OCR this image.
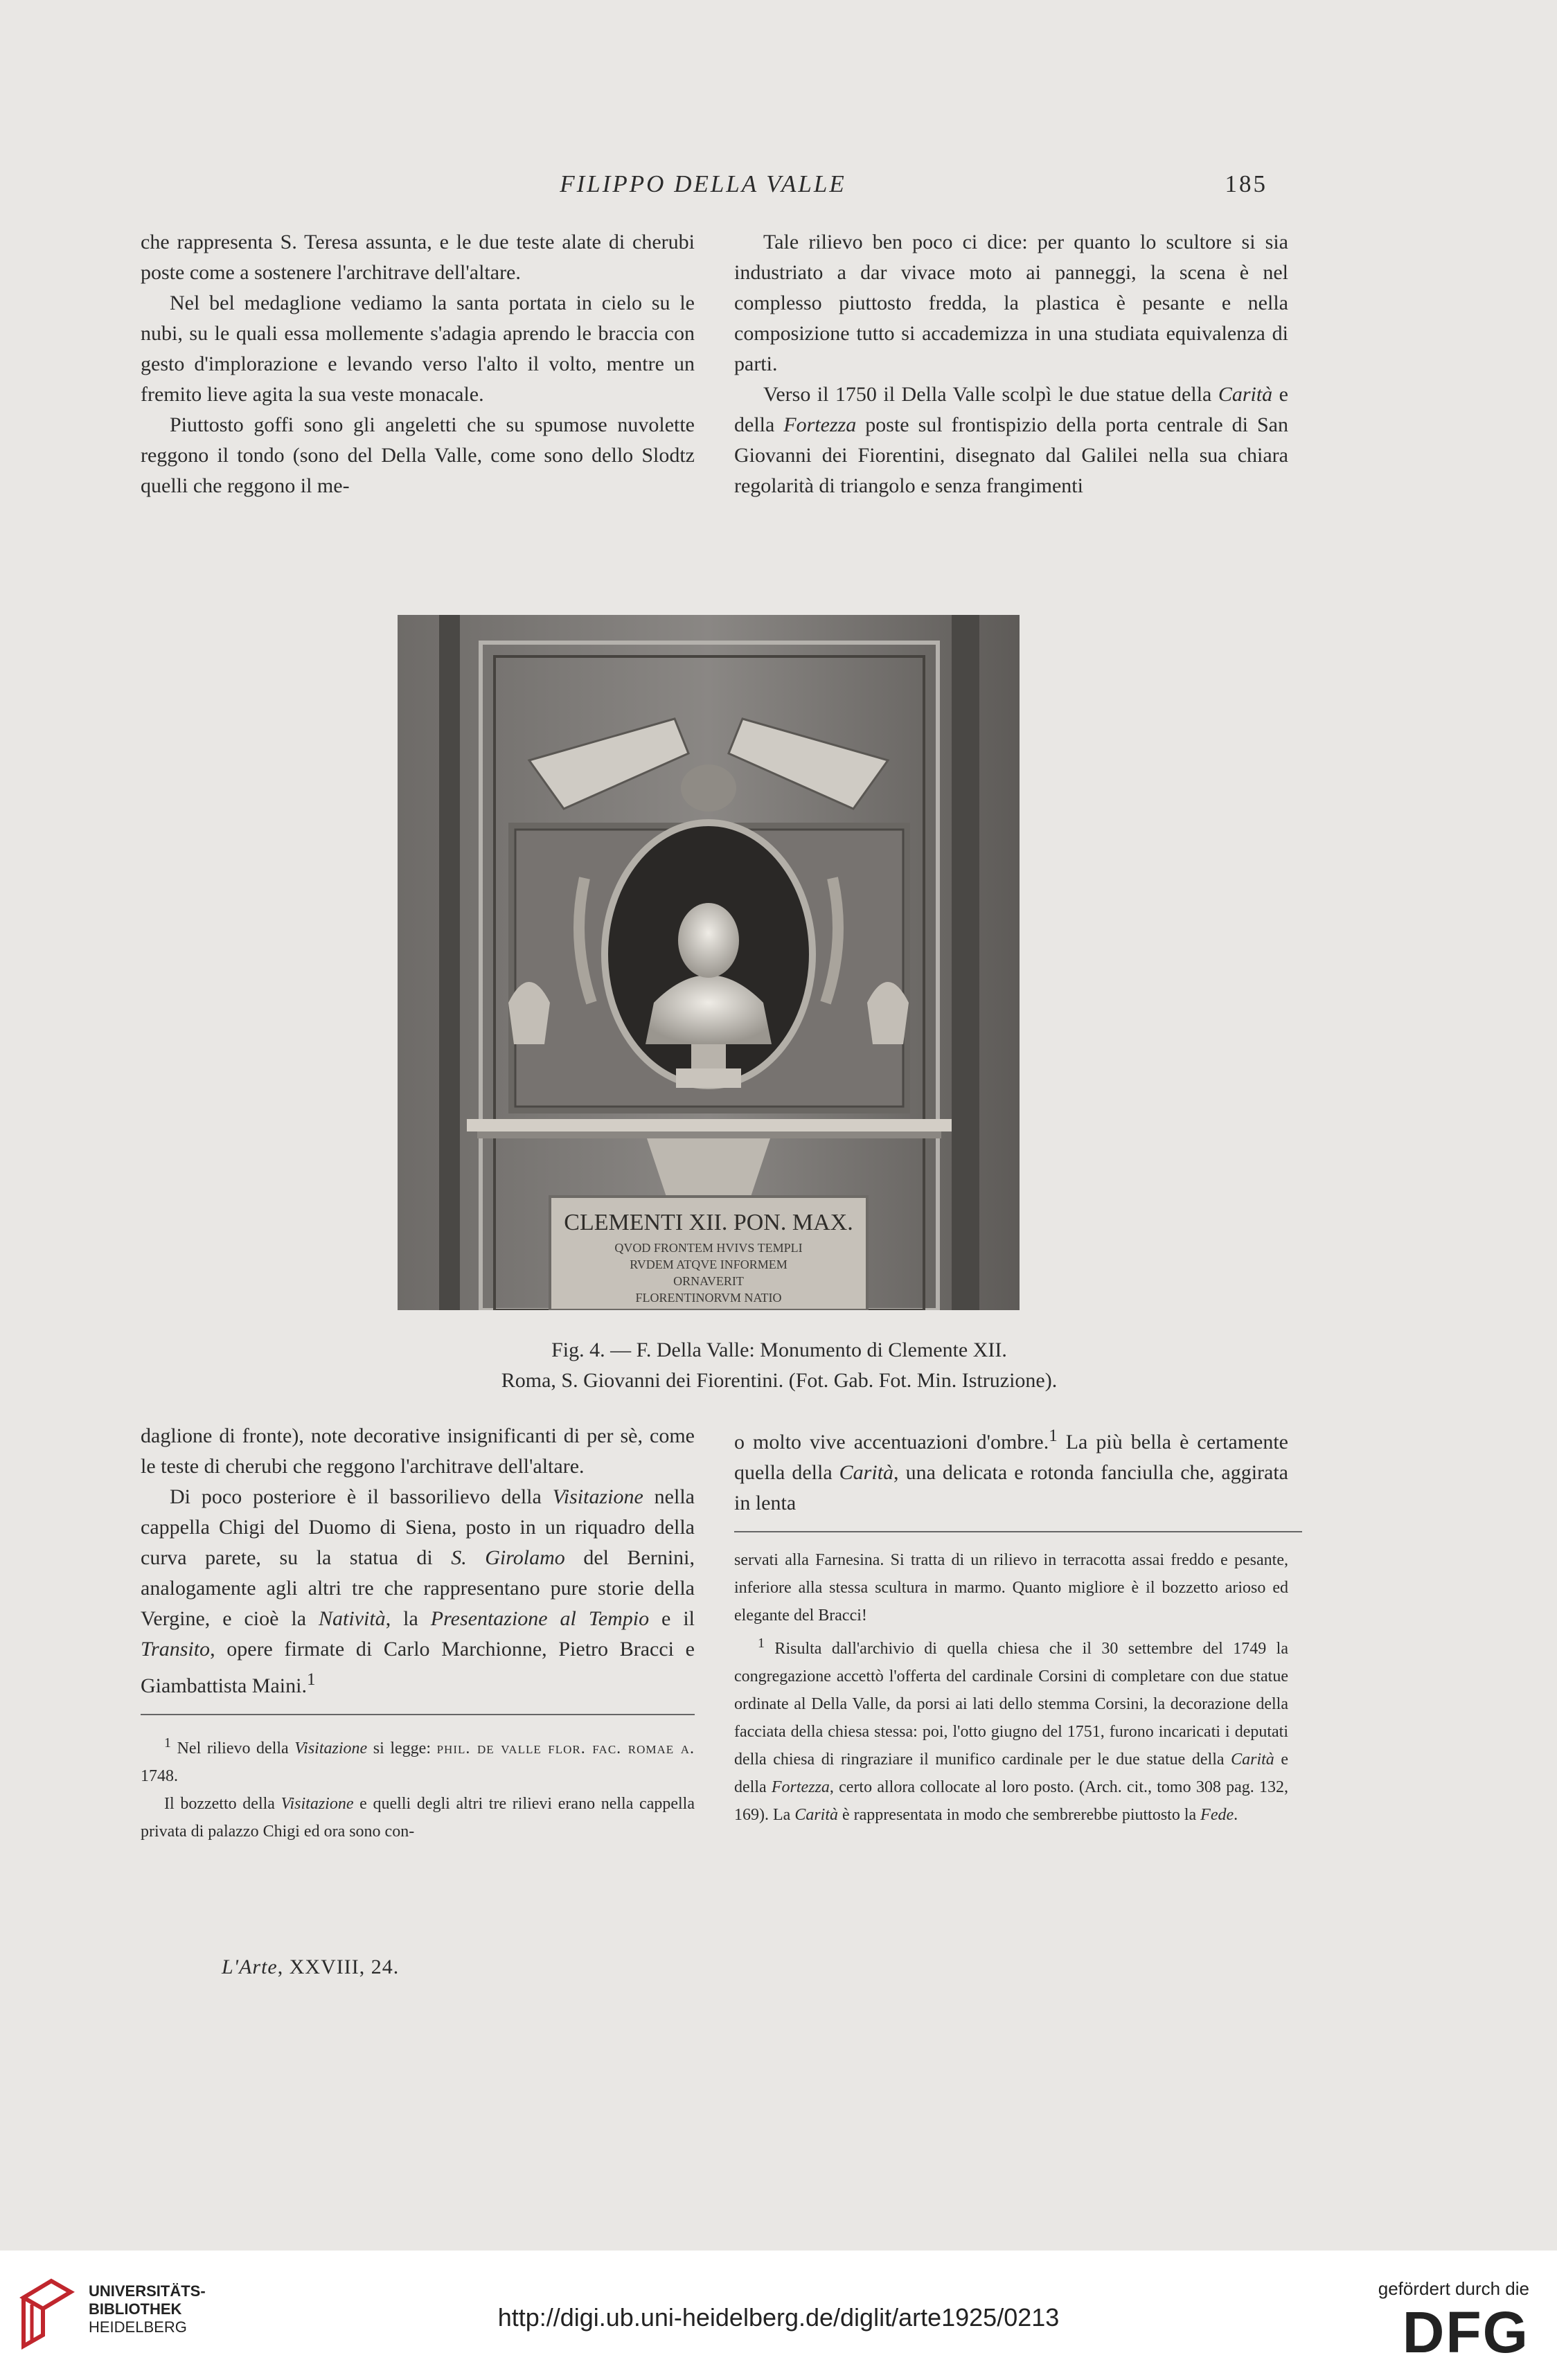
FILIPPO DELLA VALLE	185

che rappresenta S. Teresa assunta, e le due teste alate di cherubi poste come a sostenere l'architrave dell'altare.

Nel bel medaglione vediamo la santa portata in cielo su le nubi, su le quali essa mollemente s'adagia aprendo le braccia con gesto d'implorazione e levando verso l'alto il volto, mentre un fremito lieve agita la sua veste monacale.

Piuttosto goffi sono gli angeletti che su spumose nuvolette reggono il tondo (sono del Della Valle, come sono dello Slodtz quelli che reggono il me-

Tale rilievo ben poco ci dice: per quanto lo scultore si sia industriato a dar vivace moto ai panneggi, la scena è nel complesso piuttosto fredda, la plastica è pesante e nella composizione tutto si accademizza in una studiata equivalenza di parti.

Verso il 1750 il Della Valle scolpì le due statue della Carità e della Fortezza poste sul frontispizio della porta centrale di San Giovanni dei Fiorentini, disegnato dal Galilei nella sua chiara regolarità di triangolo e senza frangimenti

CLEMENTI XII. PON. MAX.
QVOD FRONTEM HVIVS TEMPLI
RVDEM ATQVE INFORMEM
ORNAVERIT
FLORENTINORVM NATIO
Fig. 4. — F. Della Valle: Monumento di Clemente XII.
Roma, S. Giovanni dei Fiorentini. (Fot. Gab. Fot. Min. Istruzione).

daglione di fronte), note decorative insignificanti di per sè, come le teste di cherubi che reggono l'architrave dell'altare.

Di poco posteriore è il bassorilievo della Visitazione nella cappella Chigi del Duomo di Siena, posto in un riquadro della curva parete, su la statua di S. Girolamo del Bernini, analogamente agli altri tre che rappresentano pure storie della Vergine, e cioè la Natività, la Presentazione al Tempio e il Transito, opere firmate di Carlo Marchionne, Pietro Bracci e Giambattista Maini.$^1$

$^1$ Nel rilievo della Visitazione si legge: phil. de valle flor. fac. romae a. 1748.

Il bozzetto della Visitazione e quelli degli altri tre rilievi erano nella cappella privata di palazzo Chigi ed ora sono con-

o molto vive accentuazioni d'ombre.$^1$ La più bella è certamente quella della Carità, una delicata e rotonda fanciulla che, aggirata in lenta

servati alla Farnesina. Si tratta di un rilievo in terracotta assai freddo e pesante, inferiore alla stessa scultura in marmo. Quanto migliore è il bozzetto arioso ed elegante del Bracci!

$^1$ Risulta dall'archivio di quella chiesa che il 30 settembre del 1749 la congregazione accettò l'offerta del cardinale Corsini di completare con due statue ordinate al Della Valle, da porsi ai lati dello stemma Corsini, la decorazione della facciata della chiesa stessa: poi, l'otto giugno del 1751, furono incaricati i deputati della chiesa di ringraziare il munifico cardinale per le due statue della Carità e della Fortezza, certo allora collocate al loro posto. (Arch. cit., tomo 308 pag. 132, 169). La Carità è rappresentata in modo che sembrerebbe piuttosto la Fede.

L'Arte, XXVIII, 24.
UNIVERSITÄTS-
BIBLIOTHEK
HEIDELBERG	http://digi.ub.uni-heidelberg.de/diglit/arte1925/0213
gefördert durch die
DFG
